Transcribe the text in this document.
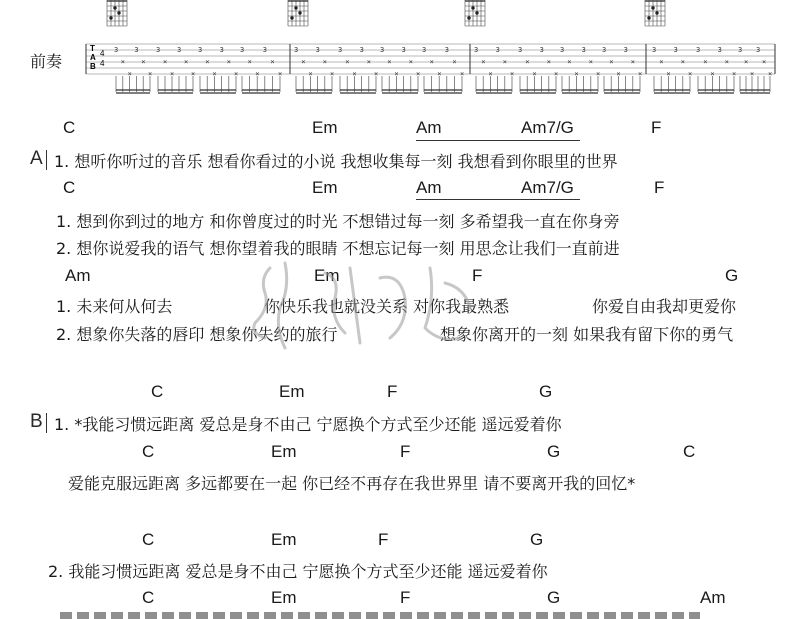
T
A
B
4
4
3
×
×
3
×
×
3
×
×
3
×
×
3
×
×
3
×
×
3
×
×
3
×
×
3
×
×
3
×
×
3
×
×
3
×
×
3
×
×
3
×
×
3
×
×
3
×
×
3
×
×
3
×
×
3
×
×
3
×
×
3
×
×
3
×
×
3
×
×
3
×
×
3
×
×
3
×
×
3
×
×
3
×
×
3
×
×
3
×
×
前奏
C	Em	Am	Am7/G	F
A 1. 想听你听过的音乐 想看你看过的小说 我想收集每一刻 我想看到你眼里的世界
C	Em	Am	Am7/G	F
1. 想到你到过的地方 和你曾度过的时光 不想错过每一刻 多希望我一直在你身旁
2. 想你说爱我的语气 想你望着我的眼睛 不想忘记每一刻 用思念让我们一直前进
Am	Em	F	G
1. 未来何从何去	你快乐我也就没关系 对你我最熟悉	你爱自由我却更爱你
2. 想象你失落的唇印 想象你失约的旅行	想象你离开的一刻 如果我有留下你的勇气
C	Em	F	G
B 1. *我能习惯远距离 爱总是身不由己 宁愿换个方式至少还能 遥远爱着你
C	Em	F	G	C
爱能克服远距离 多远都要在一起 你已经不再存在我世界里 请不要离开我的回忆*
C	Em	F	G
2. 我能习惯远距离 爱总是身不由己 宁愿换个方式至少还能 遥远爱着你
C	Em	F	G	Am
